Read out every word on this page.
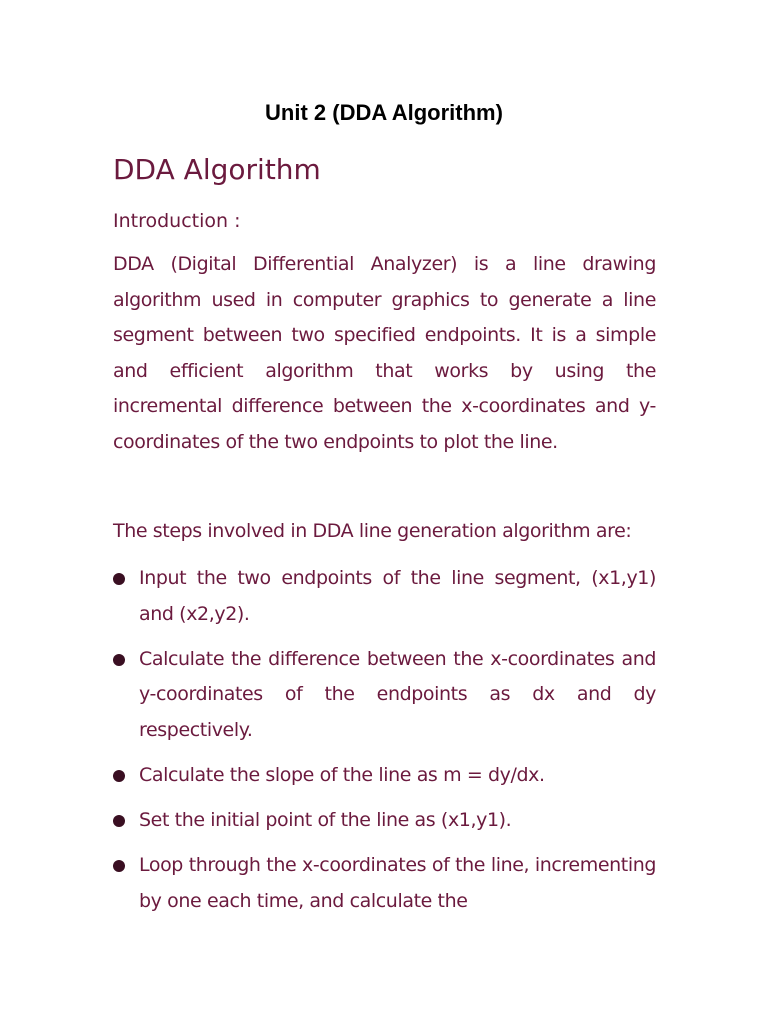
Unit 2 (DDA Algorithm)
DDA Algorithm

Introduction :

DDA (Digital Differential Analyzer) is a line drawing algorithm used in computer graphics to generate a line segment between two specified endpoints. It is a simple and efficient algorithm that works by using the incremental difference between the x-coordinates and y-coordinates of the two endpoints to plot the line.

The steps involved in DDA line generation algorithm are:

Input the two endpoints of the line segment, (x1,y1) and (x2,y2).
Calculate the difference between the x-coordinates and y-coordinates of the endpoints as dx and dy respectively.
Calculate the slope of the line as m = dy/dx.
Set the initial point of the line as (x1,y1).
Loop through the x-coordinates of the line, incrementing by one each time, and calculate the
